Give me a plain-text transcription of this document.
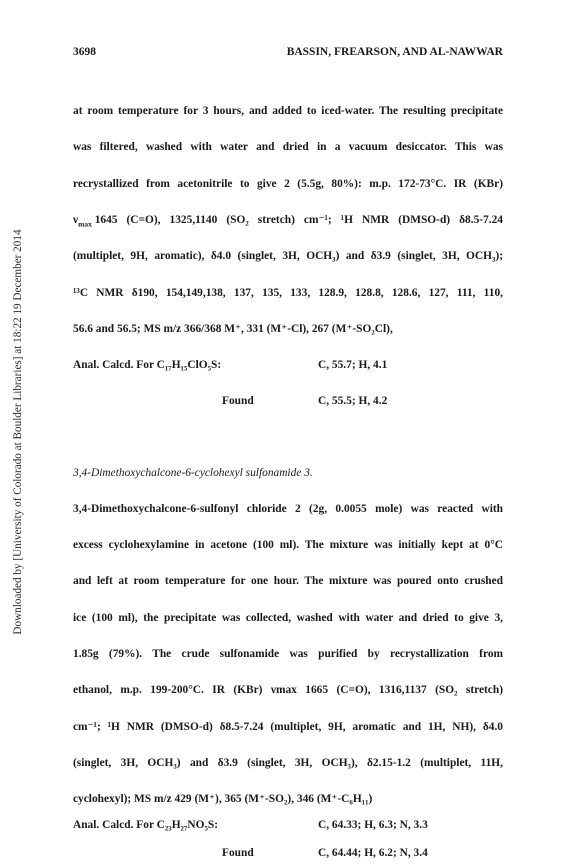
Downloaded by [University of Colorado at Boulder Libraries] at 18:22 19 December 2014
3698	BASSIN, FREARSON, AND AL-NAWWAR
at room temperature for 3 hours, and added to iced-water. The resulting precipitate
was filtered, washed with water and dried in a vacuum desiccator. This was
recrystallized from acetonitrile to give 2 (5.5g, 80%): m.p. 172-73°C. IR (KBr)
$\nu_{max}$ 1645 (C=O), 1325,1140 (SO₂ stretch) cm⁻¹; ¹H NMR (DMSO-d) δ8.5-7.24
(multiplet, 9H, aromatic), δ4.0 (singlet, 3H, OCH₃) and δ3.9 (singlet, 3H, OCH₃);
¹³C NMR δ190, 154,149,138, 137, 135, 133, 128.9, 128.8, 128.6, 127, 111, 110,
56.6 and 56.5; MS m/z 366/368 M⁺, 331 (M⁺-Cl), 267 (M⁺-SO₂Cl),
Anal. Calcd. For C₁₇H₁₅ClO₅S:	C, 55.7; H, 4.1
Found	C, 55.5; H, 4.2
3,4-Dimethoxychalcone-6-cyclohexyl sulfonamide 3.
3,4-Dimethoxychalcone-6-sulfonyl chloride 2 (2g, 0.0055 mole) was reacted with
excess cyclohexylamine in acetone (100 ml). The mixture was initially kept at 0°C
and left at room temperature for one hour. The mixture was poured onto crushed
ice (100 ml), the precipitate was collected, washed with water and dried to give 3,
1.85g (79%). The crude sulfonamide was purified by recrystallization from
ethanol, m.p. 199-200°C. IR (KBr) νmax 1665 (C=O), 1316,1137 (SO₂ stretch)
cm⁻¹; ¹H NMR (DMSO-d) δ8.5-7.24 (multiplet, 9H, aromatic and 1H, NH), δ4.0
(singlet, 3H, OCH₃) and δ3.9 (singlet, 3H, OCH₃), δ2.15-1.2 (multiplet, 11H,
cyclohexyl); MS m/z 429 (M⁺), 365 (M⁺-SO₂), 346 (M⁺-C₆H₁₁)
Anal. Calcd. For C₂₃H₂₇NO₅S:	C, 64.33; H, 6.3; N, 3.3
Found	C, 64.44; H, 6.2; N, 3.4
